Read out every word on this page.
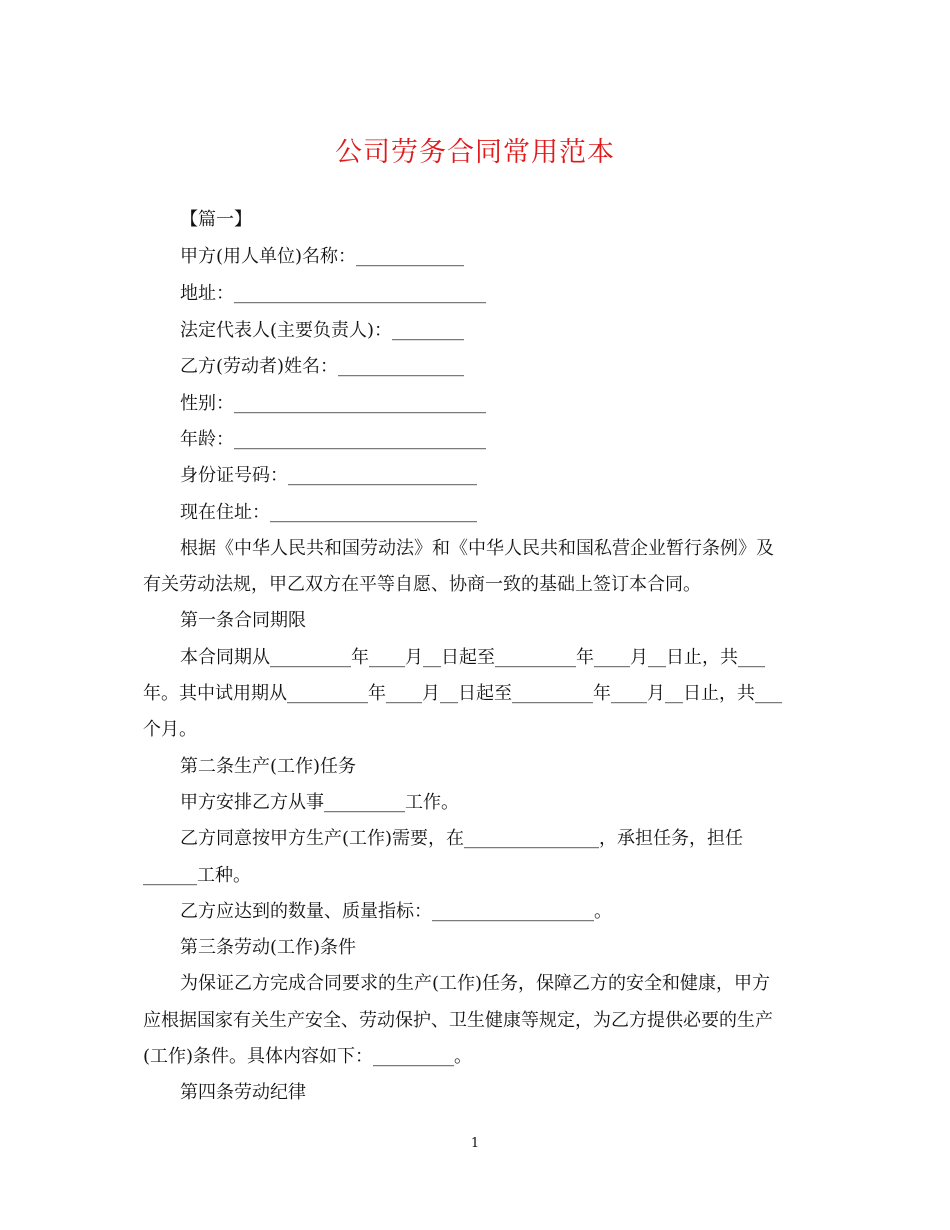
公司劳务合同常用范本
【篇一】
甲方(用人单位)名称：____________
地址：____________________________
法定代表人(主要负责人)：________
乙方(劳动者)姓名：______________
性别：____________________________
年龄：____________________________
身份证号码：_____________________
现在住址：_______________________
根据《中华人民共和国劳动法》和《中华人民共和国私营企业暂行条例》及
有关劳动法规，甲乙双方在平等自愿、协商一致的基础上签订本合同。
第一条合同期限
本合同期从_________年____月__日起至_________年____月__日止，共___
年。其中试用期从_________年____月__日起至_________年____月__日止，共___
个月。
第二条生产(工作)任务
甲方安排乙方从事_________工作。
乙方同意按甲方生产(工作)需要，在_______________，承担任务，担任
______工种。
乙方应达到的数量、质量指标：__________________。
第三条劳动(工作)条件
为保证乙方完成合同要求的生产(工作)任务，保障乙方的安全和健康，甲方
应根据国家有关生产安全、劳动保护、卫生健康等规定，为乙方提供必要的生产
(工作)条件。具体内容如下：_________。
第四条劳动纪律
1
